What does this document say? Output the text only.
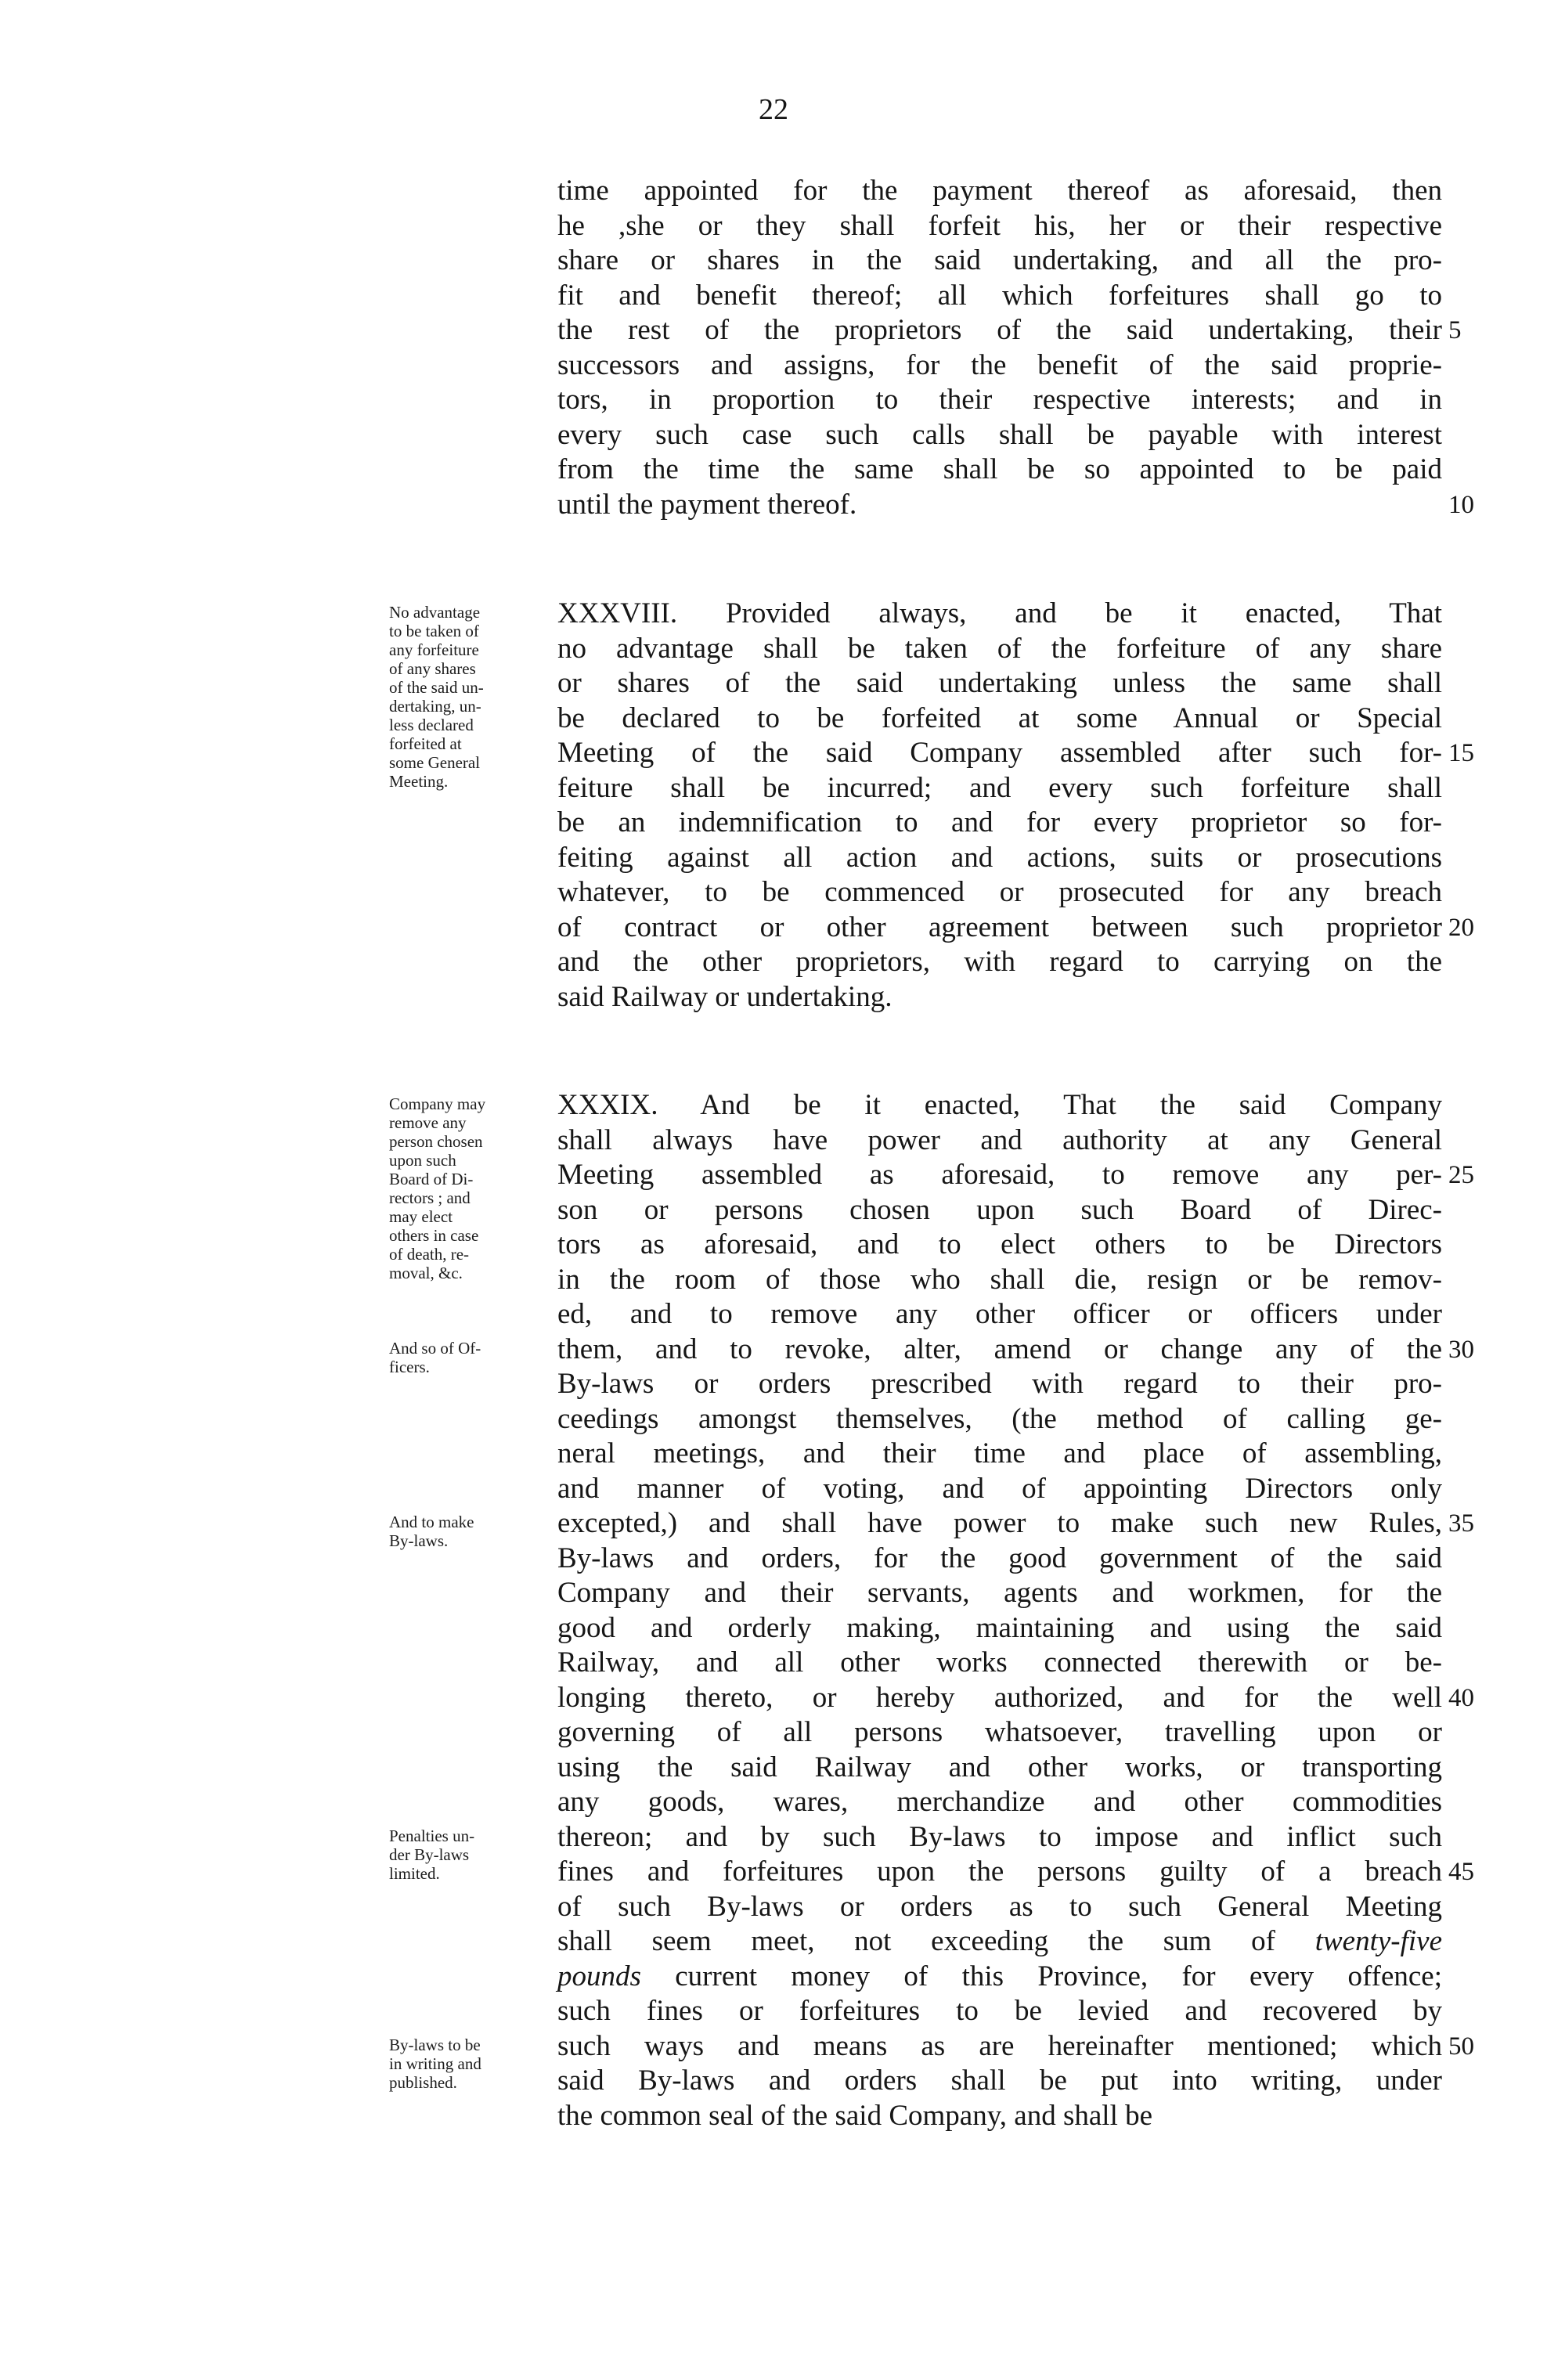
22
time appointed for the payment thereof as aforesaid, then
he ,she or they shall forfeit his, her or their respective
share or shares in the said undertaking, and all the pro-
fit and benefit thereof; all which forfeitures shall go to
the rest of the proprietors of the said undertaking, their
successors and assigns, for the benefit of the said proprie-
tors, in proportion to their respective interests; and in
every such case such calls shall be payable with interest
from the time the same shall be so appointed to be paid
until the payment thereof.
5
10
XXXVIII. Provided always, and be it enacted, That
no advantage shall be taken of the forfeiture of any share
or shares of the said undertaking unless the same shall
be declared to be forfeited at some Annual or Special
Meeting of the said Company assembled after such for-
feiture shall be incurred; and every such forfeiture shall
be an indemnification to and for every proprietor so for-
feiting against all action and actions, suits or prosecutions
whatever, to be commenced or prosecuted for any breach
of contract or other agreement between such proprietor
and the other proprietors, with regard to carrying on the
said Railway or undertaking.
15
20
No advantage
to be taken of
any forfeiture
of any shares
of the said un-
dertaking, un-
less declared
forfeited at
some General
Meeting.
XXXIX. And be it enacted, That the said Company
shall always have power and authority at any General
Meeting assembled as aforesaid, to remove any per-
son or persons chosen upon such Board of Direc-
tors as aforesaid, and to elect others to be Directors
in the room of those who shall die, resign or be remov-
ed, and to remove any other officer or officers under
them, and to revoke, alter, amend or change any of the
By-laws or orders prescribed with regard to their pro-
ceedings amongst themselves, (the method of calling ge-
neral meetings, and their time and place of assembling,
and manner of voting, and of appointing Directors only
excepted,) and shall have power to make such new Rules,
By-laws and orders, for the good government of the said
Company and their servants, agents and workmen, for the
good and orderly making, maintaining and using the said
Railway, and all other works connected therewith or be-
longing thereto, or hereby authorized, and for the well
governing of all persons whatsoever, travelling upon or
using the said Railway and other works, or transporting
any goods, wares, merchandize and other commodities
thereon; and by such By-laws to impose and inflict such
fines and forfeitures upon the persons guilty of a breach
of such By-laws or orders as to such General Meeting
shall seem meet, not exceeding the sum of twenty-five
pounds current money of this Province, for every offence;
such fines or forfeitures to be levied and recovered by
such ways and means as are hereinafter mentioned; which
said By-laws and orders shall be put into writing, under
the common seal of the said Company, and shall be
25
30
35
40
45
50
Company may
remove any
person chosen
upon such
Board of Di-
rectors ; and
may elect
others in case
of death, re-
moval, &c.
And so of Of-
ficers.
And to make
By-laws.
Penalties un-
der By-laws
limited.
By-laws to be
in writing and
published.
